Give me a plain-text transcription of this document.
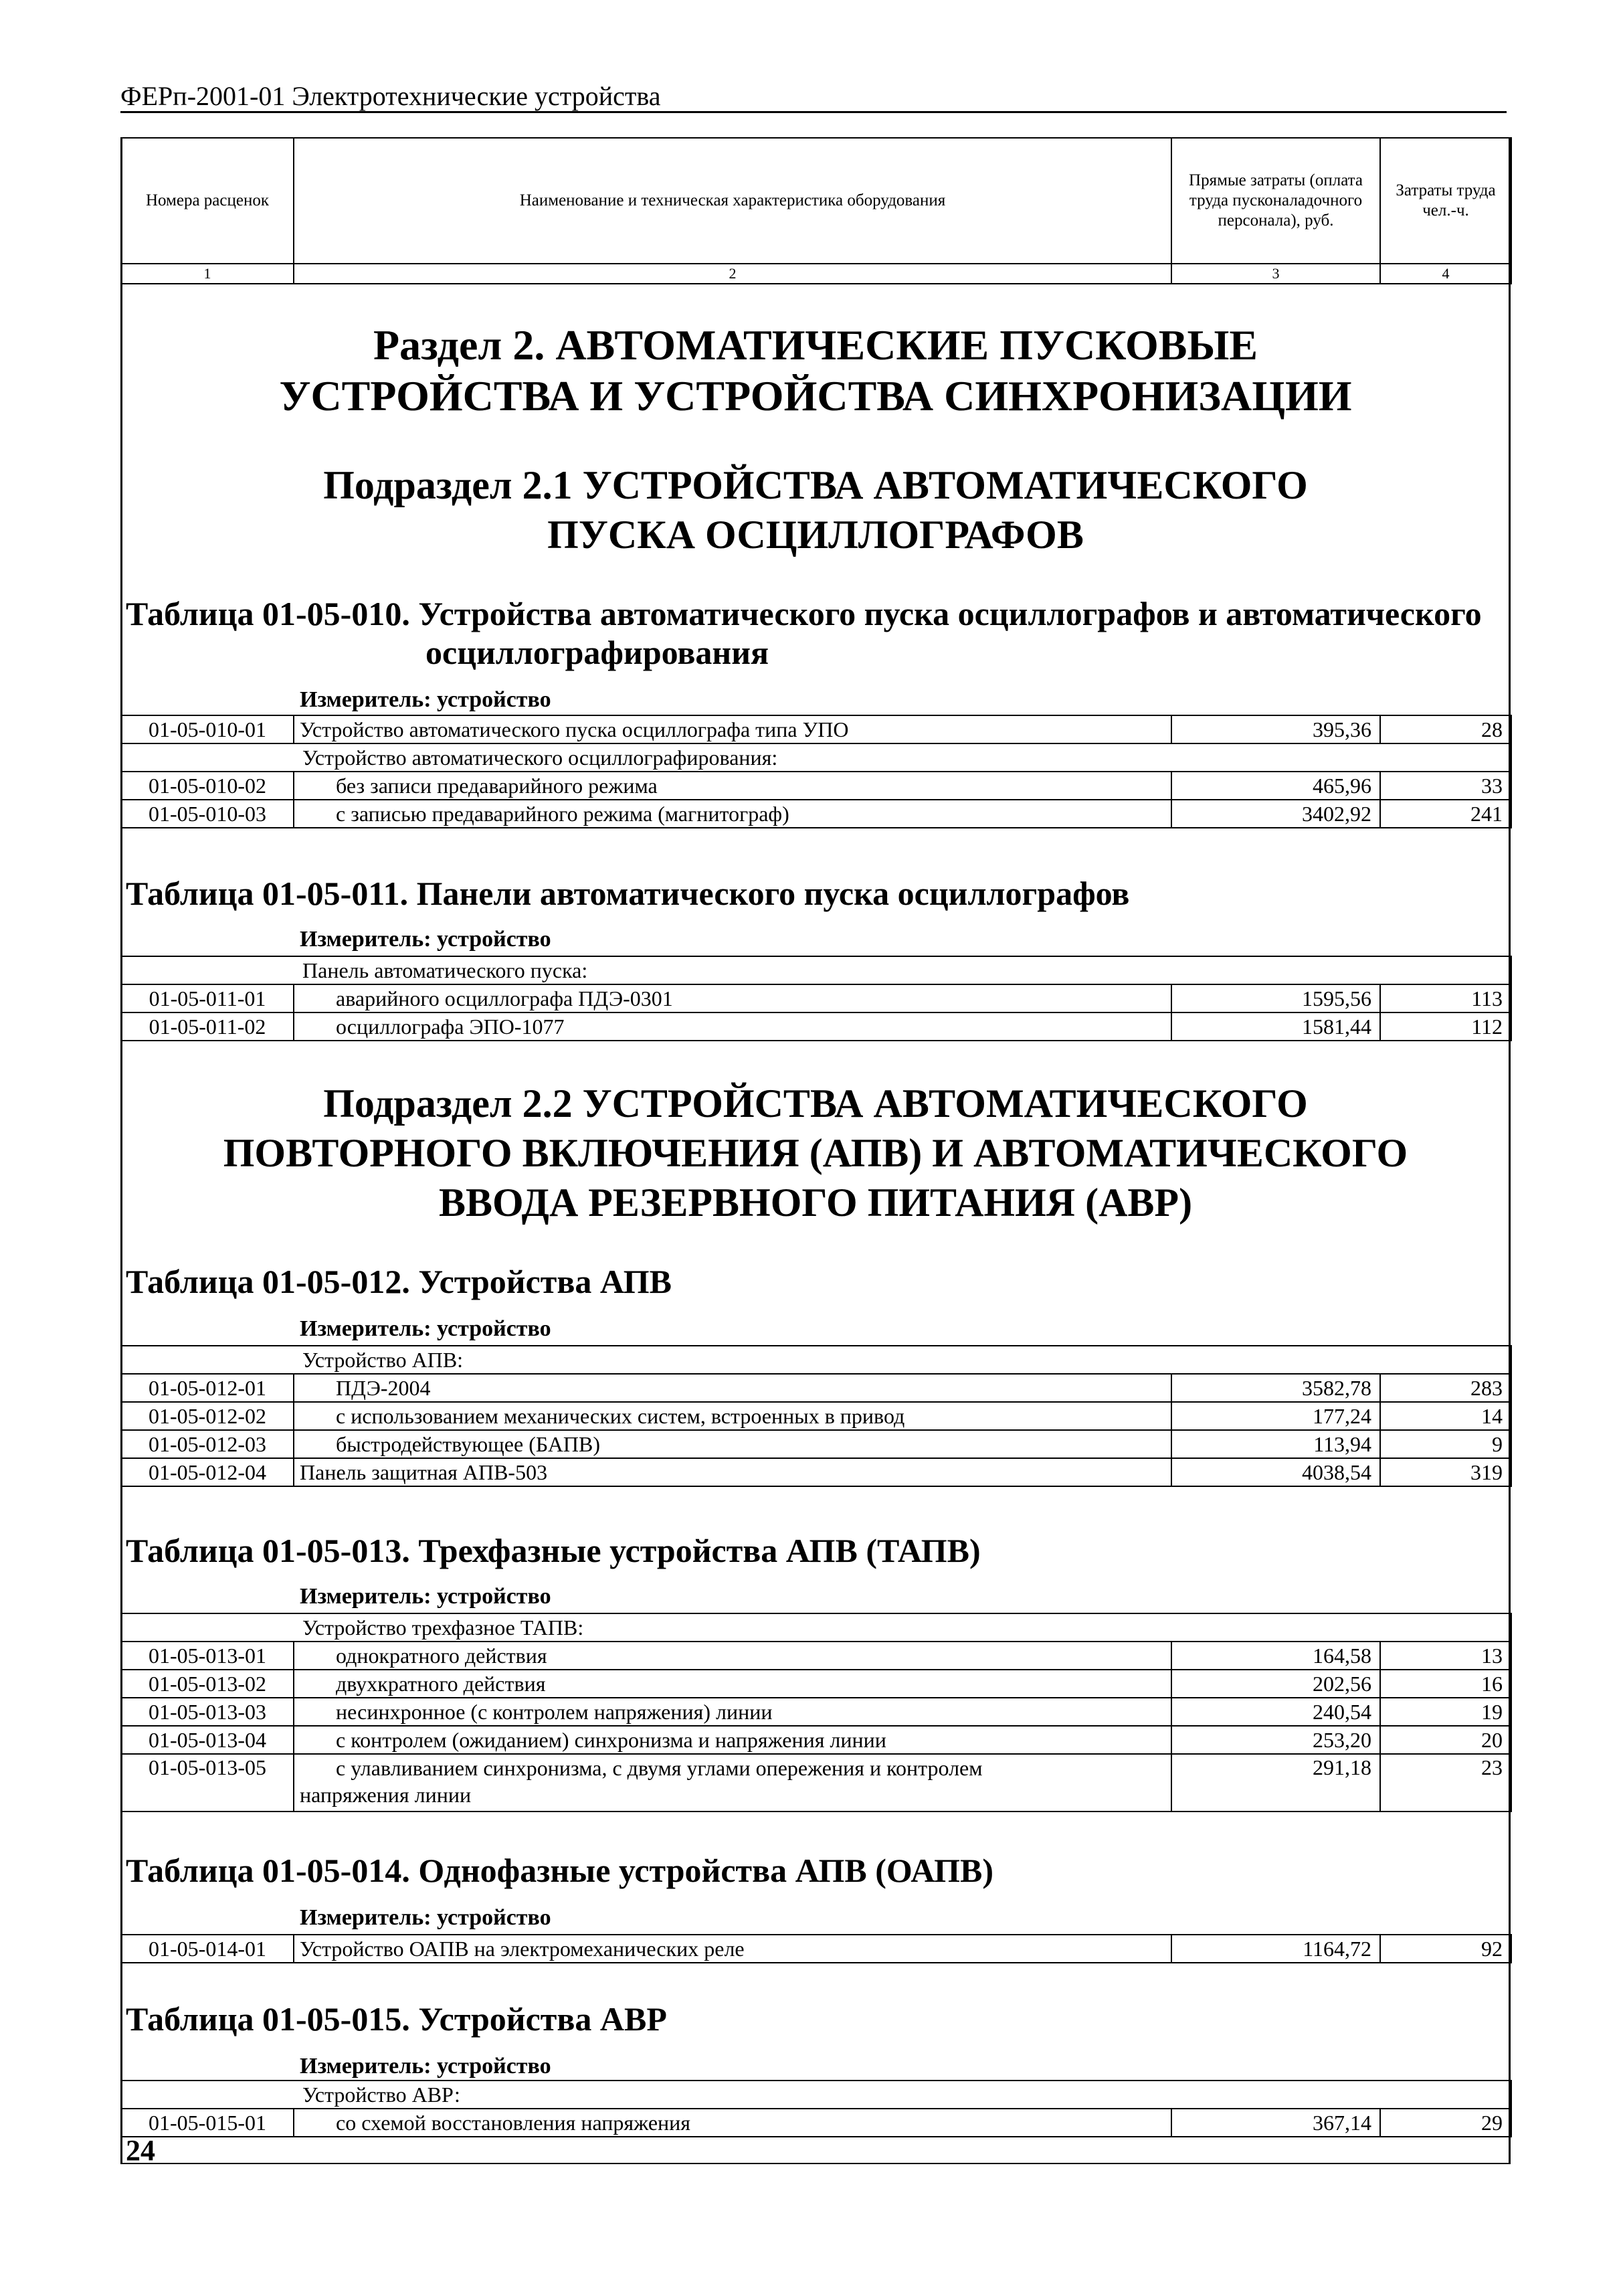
ФЕРп-2001-01 Электротехнические устройства
Номера расценок	Наименование и техническая характеристика оборудования	Прямые затраты (оплата труда пусконаладочного персонала), руб.	Затраты труда чел.-ч.
1	2	3	4
Раздел 2. АВТОМАТИЧЕСКИЕ ПУСКОВЫЕ УСТРОЙСТВА И УСТРОЙСТВА СИНХРОНИЗАЦИИ
Подраздел 2.1 УСТРОЙСТВА АВТОМАТИЧЕСКОГО ПУСКА ОСЦИЛЛОГРАФОВ
Таблица 01-05-010. Устройства автоматического пуска осциллографов и автоматического
осциллографирования
Измеритель: устройство
01-05-010-01	Устройство автоматического пуска осциллографа типа УПО	395,36	28
Устройство автоматического осциллографирования:			
01-05-010-02	без записи предаварийного режима	465,96	33
01-05-010-03	с записью предаварийного режима (магнитограф)	3402,92	241
Таблица 01-05-011. Панели автоматического пуска осциллографов
Измеритель: устройство
Панель автоматического пуска:			
01-05-011-01	аварийного осциллографа ПДЭ-0301	1595,56	113
01-05-011-02	осциллографа ЭПО-1077	1581,44	112
Подраздел 2.2 УСТРОЙСТВА АВТОМАТИЧЕСКОГО ПОВТОРНОГО ВКЛЮЧЕНИЯ (АПВ) И АВТОМАТИЧЕСКОГО ВВОДА РЕЗЕРВНОГО ПИТАНИЯ (АВР)
Таблица 01-05-012. Устройства АПВ
Измеритель: устройство
Устройство АПВ:			
01-05-012-01	ПДЭ-2004	3582,78	283
01-05-012-02	с использованием механических систем, встроенных в привод	177,24	14
01-05-012-03	быстродействующее (БАПВ)	113,94	9
01-05-012-04	Панель защитная АПВ-503	4038,54	319
Таблица 01-05-013. Трехфазные устройства АПВ (ТАПВ)
Измеритель: устройство
Устройство трехфазное ТАПВ:			
01-05-013-01	однократного действия	164,58	13
01-05-013-02	двухкратного действия	202,56	16
01-05-013-03	несинхронное (с контролем напряжения) линии	240,54	19
01-05-013-04	с контролем (ожиданием) синхронизма и напряжения линии	253,20	20
01-05-013-05	с улавливанием синхронизма, с двумя углами опережения и контролем
напряжения линии	291,18	23
Таблица 01-05-014. Однофазные устройства АПВ (ОАПВ)
Измеритель: устройство
01-05-014-01	Устройство ОАПВ на электромеханических реле	1164,72	92
Таблица 01-05-015. Устройства АВР
Измеритель: устройство
Устройство АВР:
01-05-015-01	со схемой восстановления напряжения	367,14	29
24
